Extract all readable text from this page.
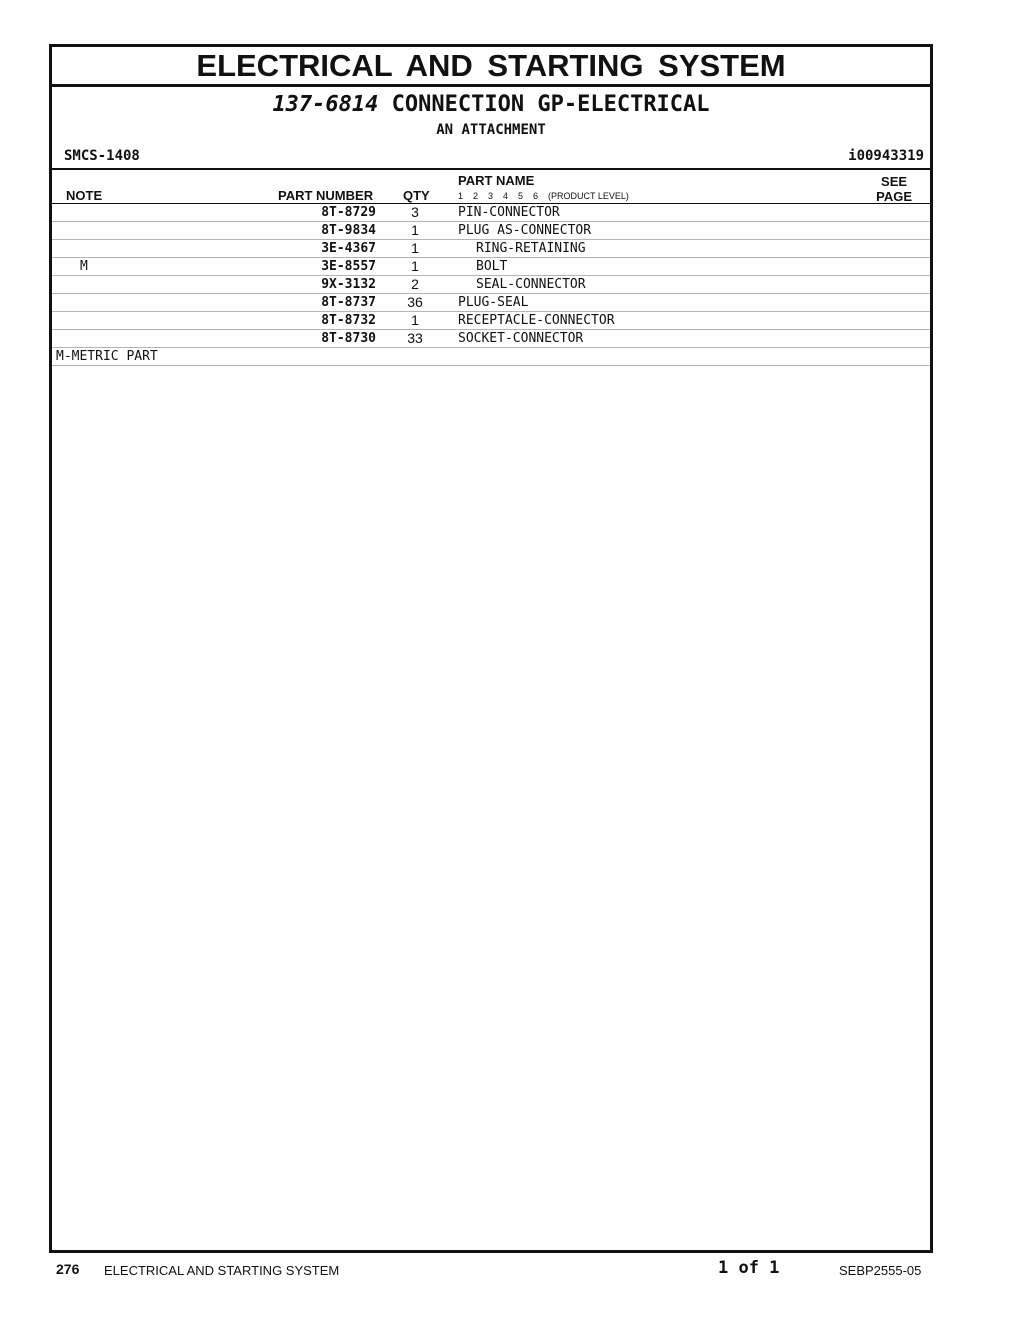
ELECTRICAL AND STARTING SYSTEM
137-6814 CONNECTION GP-ELECTRICAL
AN ATTACHMENT
SMCS-1408	i00943319
NOTE	PART NUMBER QTY
PART NAME
1    2    3    4    5    6    (PRODUCT LEVEL)
SEE
PAGE
8T-8729	3	PIN-CONNECTOR
8T-9834	1	PLUG AS-CONNECTOR
3E-4367	1	RING-RETAINING
M	3E-8557	1	BOLT
9X-3132	2	SEAL-CONNECTOR
8T-8737	36	PLUG-SEAL
8T-8732	1	RECEPTACLE-CONNECTOR
8T-8730	33	SOCKET-CONNECTOR
M-METRIC PART
276 ELECTRICAL AND STARTING SYSTEM	1 of 1	SEBP2555-05
